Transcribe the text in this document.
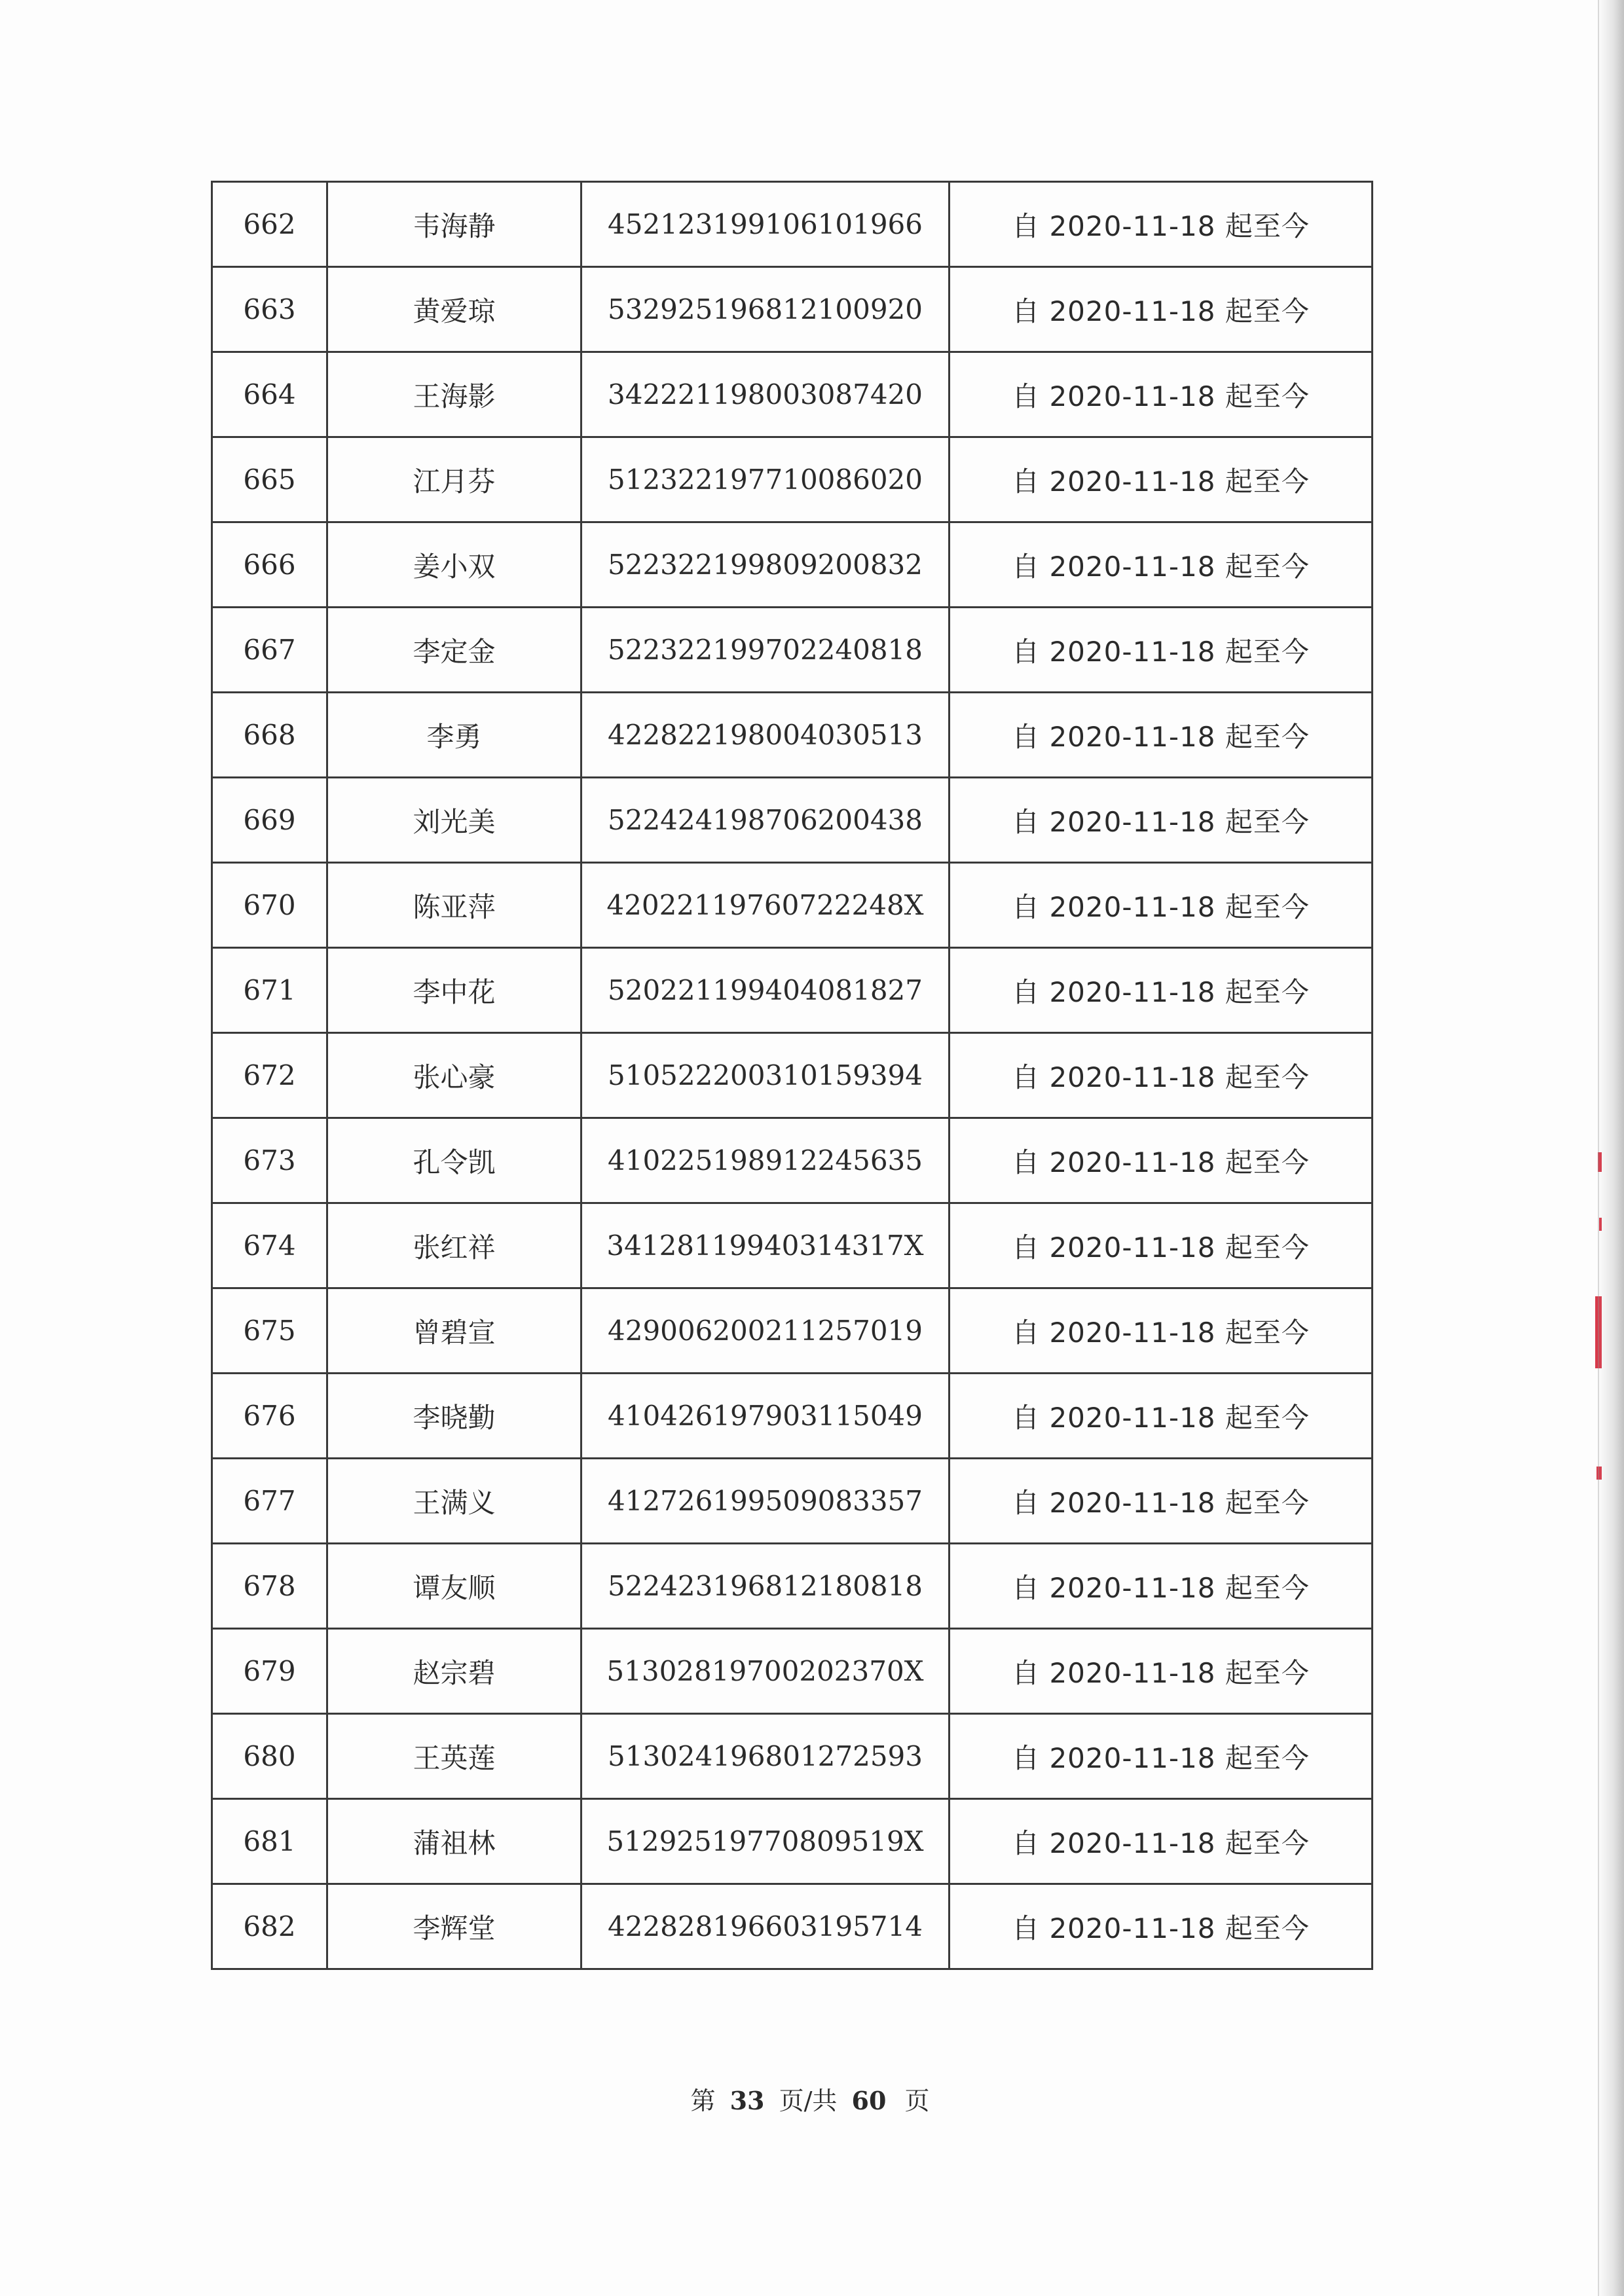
662	韦海静	452123199106101966	自 2020-11-18 起至今
663	黄爱琼	532925196812100920	自 2020-11-18 起至今
664	王海影	342221198003087420	自 2020-11-18 起至今
665	江月芬	512322197710086020	自 2020-11-18 起至今
666	姜小双	522322199809200832	自 2020-11-18 起至今
667	李定金	522322199702240818	自 2020-11-18 起至今
668	李勇	422822198004030513	自 2020-11-18 起至今
669	刘光美	522424198706200438	自 2020-11-18 起至今
670	陈亚萍	42022119760722248X	自 2020-11-18 起至今
671	李中花	520221199404081827	自 2020-11-18 起至今
672	张心豪	510522200310159394	自 2020-11-18 起至今
673	孔令凯	410225198912245635	自 2020-11-18 起至今
674	张红祥	34128119940314317X	自 2020-11-18 起至今
675	曾碧宣	429006200211257019	自 2020-11-18 起至今
676	李晓勤	410426197903115049	自 2020-11-18 起至今
677	王满义	412726199509083357	自 2020-11-18 起至今
678	谭友顺	522423196812180818	自 2020-11-18 起至今
679	赵宗碧	51302819700202370X	自 2020-11-18 起至今
680	王英莲	513024196801272593	自 2020-11-18 起至今
681	蒲祖林	51292519770809519X	自 2020-11-18 起至今
682	李辉堂	422828196603195714	自 2020-11-18 起至今
第 33 页/共 60 页
